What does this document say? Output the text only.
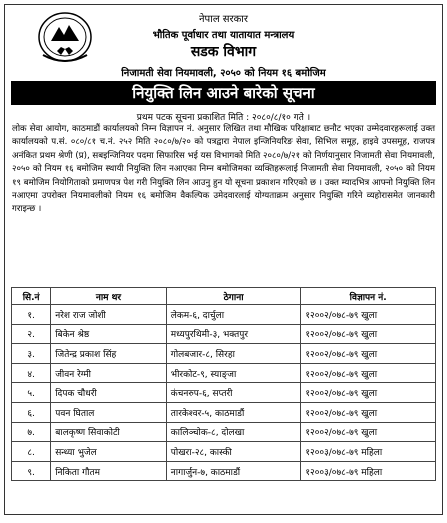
नेपाल सरकार
भौतिक पूर्वाधार तथा यातायात मन्त्रालय
सडक विभाग
निजामती सेवा नियमावली, २०५० को नियम १६ बमोजिम
नियुक्ति लिन आउने बारेको सूचना
प्रथम पटक सूचना प्रकाशित मिति : २०८०/८/१० गते ।
लोक सेवा आयोग, काठमाडौं कार्यालयको निम्न विज्ञापन नं. अनुसार लिखित तथा मौखिक परिक्षाबाट छनौट भएका उम्मेदवारहरूलाई उक्त कार्यालयको प.सं. ०८०/८१ च.नं. २५२ मिति २०८०/७/२० को पत्रद्वारा नेपाल इन्जिनियरिङ सेवा, सिभिल समूह, हाइवे उपसमूह, राजपत्र अनंकित प्रथम श्रेणी (प्र), सबइन्जिनियर पदमा सिफारिस भई यस विभागको मिति २०८०/७/२१ को निर्णयानुसार निजामती सेवा नियमावली, २०५० को नियम १६ बमोजिम स्थायी नियुक्ति लिन नआएका निम्न बमोजिमका व्यक्तिहरूलाई निजामती सेवा नियमावली, २०५० को नियम १९ बमोजिम नियोगिताको प्रमाणपत्र पेश गरी नियुक्ति लिन आउनु हुन यो सूचना प्रकाशन गरिएको छ । उक्त म्यादभित्र आफ्नो नियुक्ति लिन नआएमा उपरोक्त नियमावलीको नियम १६ बमोजिम वैकल्पिक उमेदवारलाई योग्यताक्रम अनुसार नियुक्ति गरिने व्यहोरासमेत जानकारी गराइन्छ ।
सि.नं	नाम थर	ठेगाना	विज्ञापन नं.
१.	नरेश राज जोशी	लेकम-६, दार्चुला	१२००२/०७८-७९ खुला
२.	बिकेन श्रेष्ठ	मध्यपुरथिमी-३, भक्तपुर	१२००२/०७८-७९ खुला
३.	जितेन्द्र प्रकाश सिंह	गोलबजार-८, सिरहा	१२००२/०७८-७९ खुला
४.	जीवन रेग्मी	भीरकोट-९, स्याङ्जा	१२००२/०७८-७९ खुला
५.	दिपक चौधरी	कंचनरुप-६, सप्तरी	१२००२/०७८-७९ खुला
६.	पवन घिताल	तारकेश्वर-५, काठमाडौं	१२००२/०७८-७९ खुला
७.	बालकृष्ण सिवाकोटी	कालिञ्चोक-८, दोलखा	१२००२/०७८-७९ खुला
८.	सन्ध्या भुजेल	पोखरा-२८, कास्की	१२००३/०७८-७९ महिला
९.	निकिता गौतम	नागार्जुन-७, काठमाडौं	१२००३/०७८-७९ महिला
